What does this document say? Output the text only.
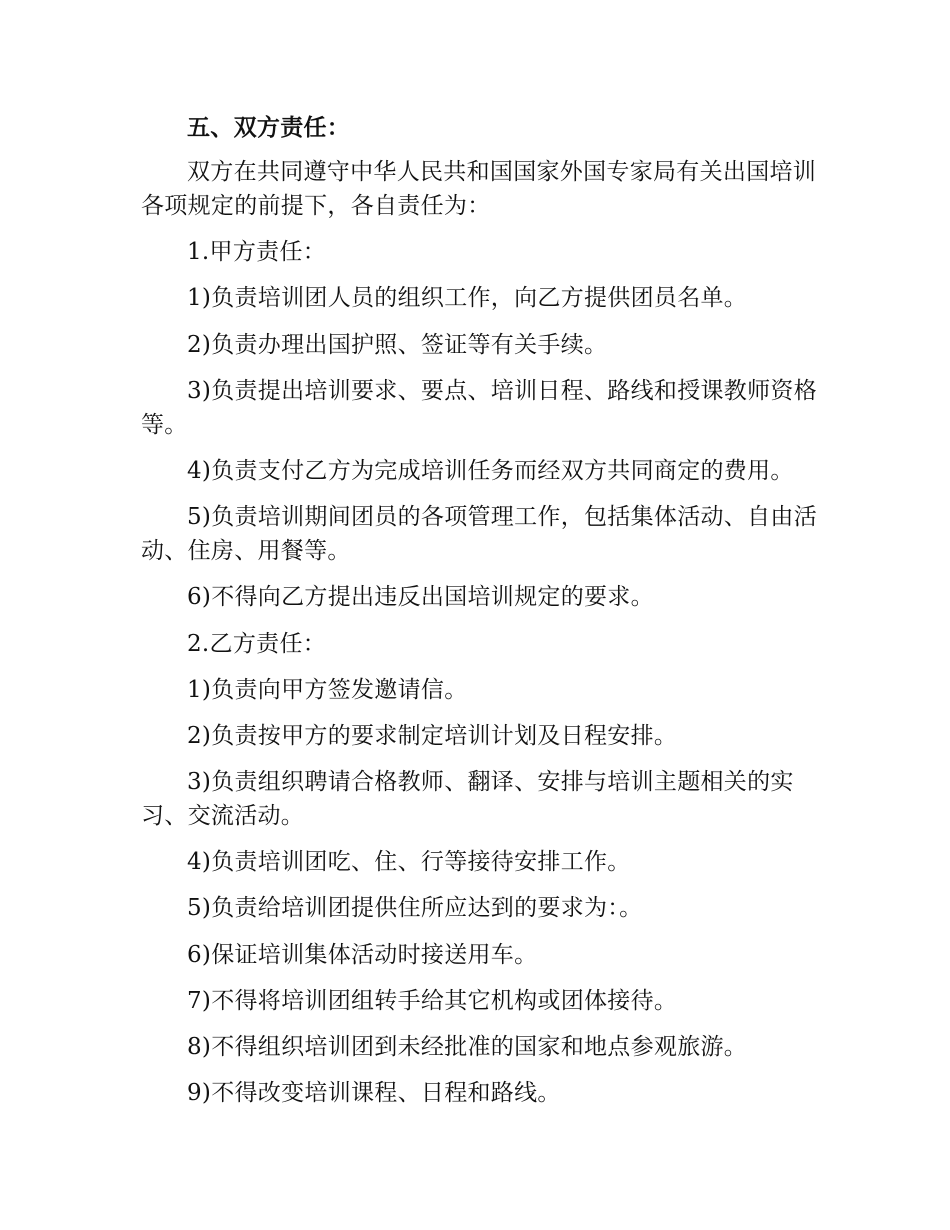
五、双方责任：

双方在共同遵守中华人民共和国国家外国专家局有关出国培训各项规定的前提下，各自责任为：

1.甲方责任：

1)负责培训团人员的组织工作，向乙方提供团员名单。

2)负责办理出国护照、签证等有关手续。

3)负责提出培训要求、要点、培训日程、路线和授课教师资格等。

4)负责支付乙方为完成培训任务而经双方共同商定的费用。

5)负责培训期间团员的各项管理工作，包括集体活动、自由活动、住房、用餐等。

6)不得向乙方提出违反出国培训规定的要求。

2.乙方责任：

1)负责向甲方签发邀请信。

2)负责按甲方的要求制定培训计划及日程安排。

3)负责组织聘请合格教师、翻译、安排与培训主题相关的实习、交流活动。

4)负责培训团吃、住、行等接待安排工作。

5)负责给培训团提供住所应达到的要求为：。

6)保证培训集体活动时接送用车。

7)不得将培训团组转手给其它机构或团体接待。

8)不得组织培训团到未经批准的国家和地点参观旅游。

9)不得改变培训课程、日程和路线。
